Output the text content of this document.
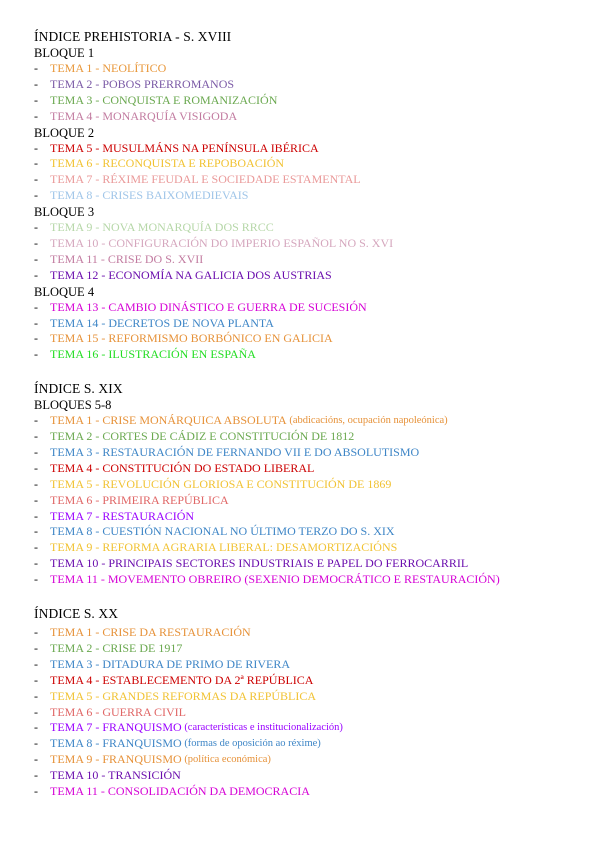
ÍNDICE PREHISTORIA - S. XVIII
BLOQUE 1
-	TEMA 1 - NEOLÍTICO
-	TEMA 2 - POBOS PRERROMANOS
-	TEMA 3 - CONQUISTA E ROMANIZACIÓN
-	TEMA 4 - MONARQUÍA VISIGODA
BLOQUE 2
-	TEMA 5 - MUSULMÁNS NA PENÍNSULA IBÉRICA
-	TEMA 6 - RECONQUISTA E REPOBOACIÓN
-	TEMA 7 - RÉXIME FEUDAL E SOCIEDADE ESTAMENTAL
-	TEMA 8 - CRISES BAIXOMEDIEVAIS
BLOQUE 3
-	TEMA 9 - NOVA MONARQUÍA DOS RRCC
-	TEMA 10 - CONFIGURACIÓN DO IMPERIO ESPAÑOL NO S. XVI
-	TEMA 11 - CRISE DO S. XVII
-	TEMA 12 - ECONOMÍA NA GALICIA DOS AUSTRIAS
BLOQUE 4
-	TEMA 13 - CAMBIO DINÁSTICO E GUERRA DE SUCESIÓN
-	TEMA 14 - DECRETOS DE NOVA PLANTA
-	TEMA 15 - REFORMISMO BORBÓNICO EN GALICIA
-	TEMA 16 - ILUSTRACIÓN EN ESPAÑA
ÍNDICE S. XIX
BLOQUES 5-8
-	TEMA 1 - CRISE MONÁRQUICA ABSOLUTA (abdicacións, ocupación napoleónica)
-	TEMA 2 - CORTES DE CÁDIZ E CONSTITUCIÓN DE 1812
-	TEMA 3 - RESTAURACIÓN DE FERNANDO VII E DO ABSOLUTISMO
-	TEMA 4 - CONSTITUCIÓN DO ESTADO LIBERAL
-	TEMA 5 - REVOLUCIÓN GLORIOSA E CONSTITUCIÓN DE 1869
-	TEMA 6 - PRIMEIRA REPÚBLICA
-	TEMA 7 - RESTAURACIÓN
-	TEMA 8 - CUESTIÓN NACIONAL NO ÚLTIMO TERZO DO S. XIX
-	TEMA 9 - REFORMA AGRARIA LIBERAL: DESAMORTIZACIÓNS
-	TEMA 10 - PRINCIPAIS SECTORES INDUSTRIAIS E PAPEL DO FERROCARRIL
-	TEMA 11 - MOVEMENTO OBREIRO (SEXENIO DEMOCRÁTICO E RESTAURACIÓN)
ÍNDICE S. XX
-	TEMA 1 - CRISE DA RESTAURACIÓN
-	TEMA 2 - CRISE DE 1917
-	TEMA 3 - DITADURA DE PRIMO DE RIVERA
-	TEMA 4 - ESTABLECEMENTO DA 2ª REPÚBLICA
-	TEMA 5 - GRANDES REFORMAS DA REPÚBLICA
-	TEMA 6 - GUERRA CIVIL
-	TEMA 7 - FRANQUISMO (características e institucionalización)
-	TEMA 8 - FRANQUISMO (formas de oposición ao réxime)
-	TEMA 9 - FRANQUISMO (política económica)
-	TEMA 10 - TRANSICIÓN
-	TEMA 11 - CONSOLIDACIÓN DA DEMOCRACIA
